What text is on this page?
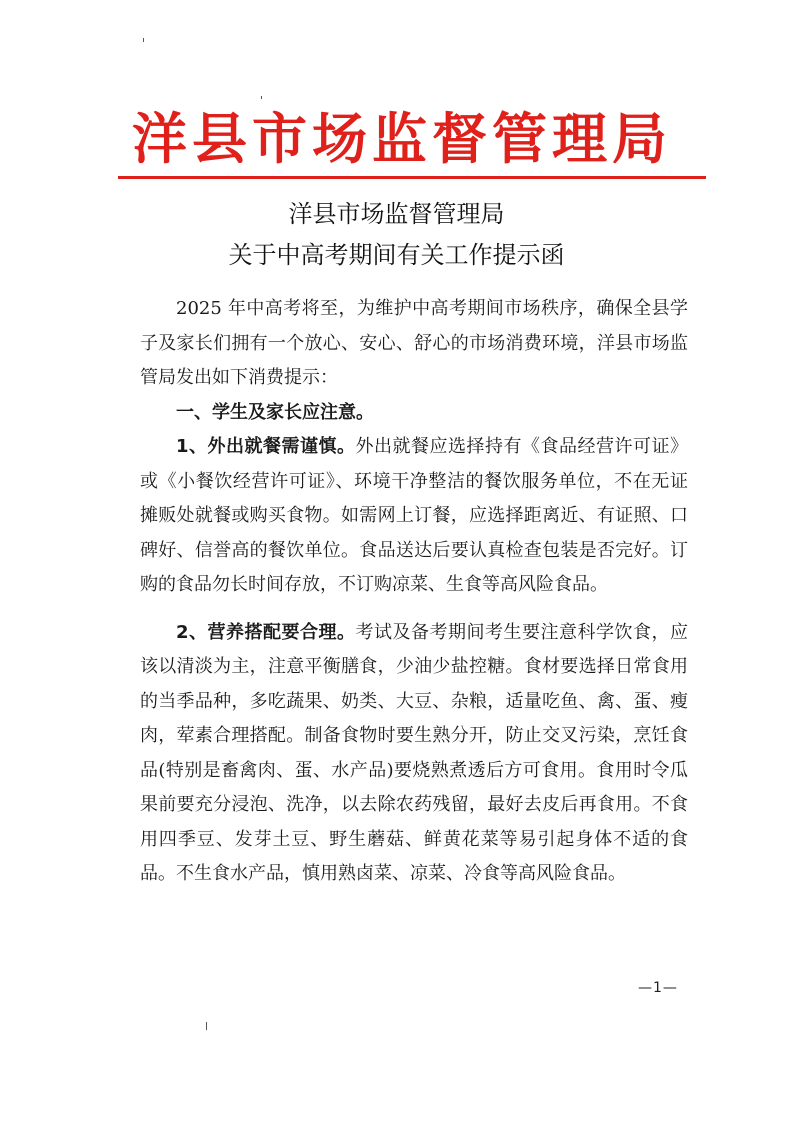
洋县市场监督管理局
洋县市场监督管理局
关于中高考期间有关工作提示函

2025 年中高考将至，为维护中高考期间市场秩序，确保全县学子及家长们拥有一个放心、安心、舒心的市场消费环境，洋县市场监管局发出如下消费提示：

一、学生及家长应注意。

1、外出就餐需谨慎。外出就餐应选择持有《食品经营许可证》或《小餐饮经营许可证》、环境干净整洁的餐饮服务单位，不在无证摊贩处就餐或购买食物。如需网上订餐，应选择距离近、有证照、口碑好、信誉高的餐饮单位。食品送达后要认真检查包装是否完好。订购的食品勿长时间存放，不订购凉菜、生食等高风险食品。

2、营养搭配要合理。考试及备考期间考生要注意科学饮食，应该以清淡为主，注意平衡膳食，少油少盐控糖。食材要选择日常食用的当季品种，多吃蔬果、奶类、大豆、杂粮，适量吃鱼、禽、蛋、瘦肉，荤素合理搭配。制备食物时要生熟分开，防止交叉污染，烹饪食品(特别是畜禽肉、蛋、水产品)要烧熟煮透后方可食用。食用时令瓜果前要充分浸泡、洗净，以去除农药残留，最好去皮后再食用。不食用四季豆、发芽土豆、野生蘑菇、鲜黄花菜等易引起身体不适的食品。不生食水产品，慎用熟卤菜、凉菜、冷食等高风险食品。

—1—
